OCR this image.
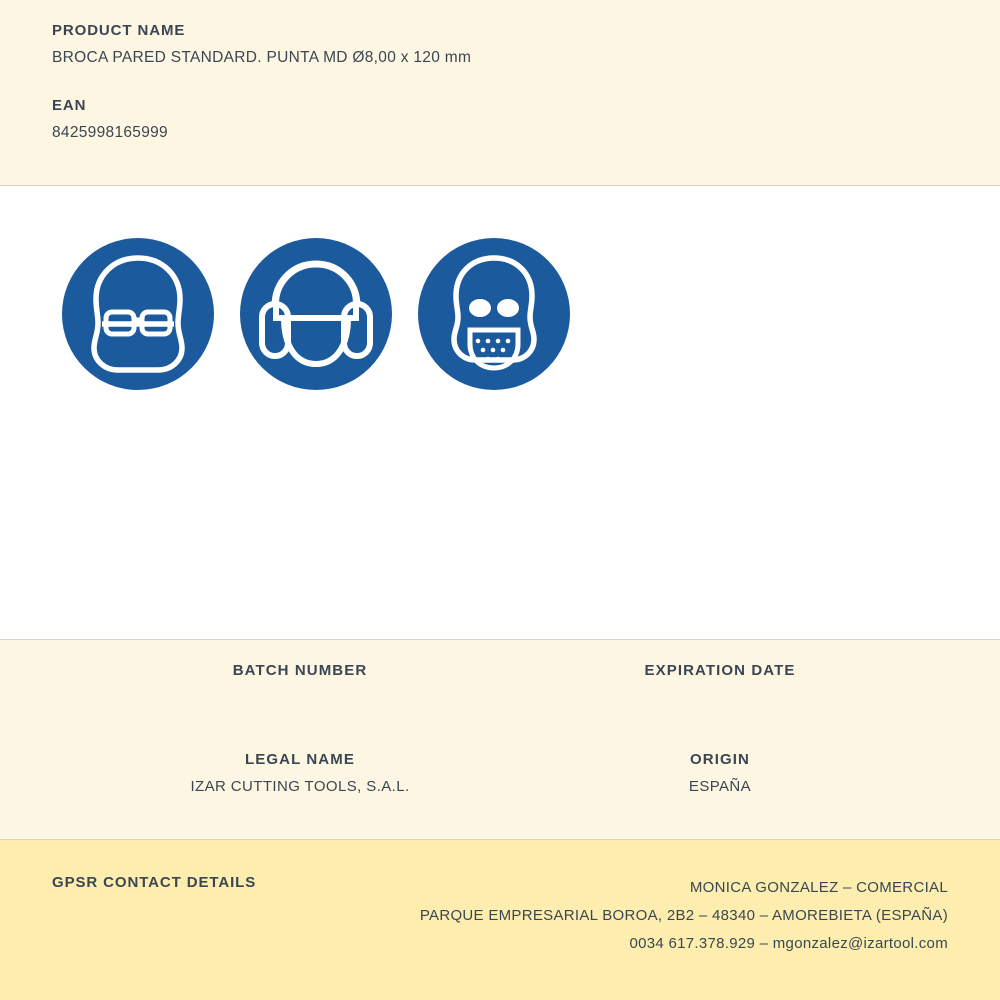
PRODUCT NAME

BROCA PARED STANDARD. PUNTA MD Ø8,00 x 120 mm

EAN

8425998165999

BATCH NUMBER	EXPIRATION DATE

LEGAL NAME

IZAR CUTTING TOOLS, S.A.L.

ORIGIN

ESPAÑA

GPSR CONTACT DETAILS	MONICA GONZALEZ – COMERCIAL
PARQUE EMPRESARIAL BOROA, 2B2 – 48340 – AMOREBIETA (ESPAÑA)
0034 617.378.929 – mgonzalez@izartool.com
